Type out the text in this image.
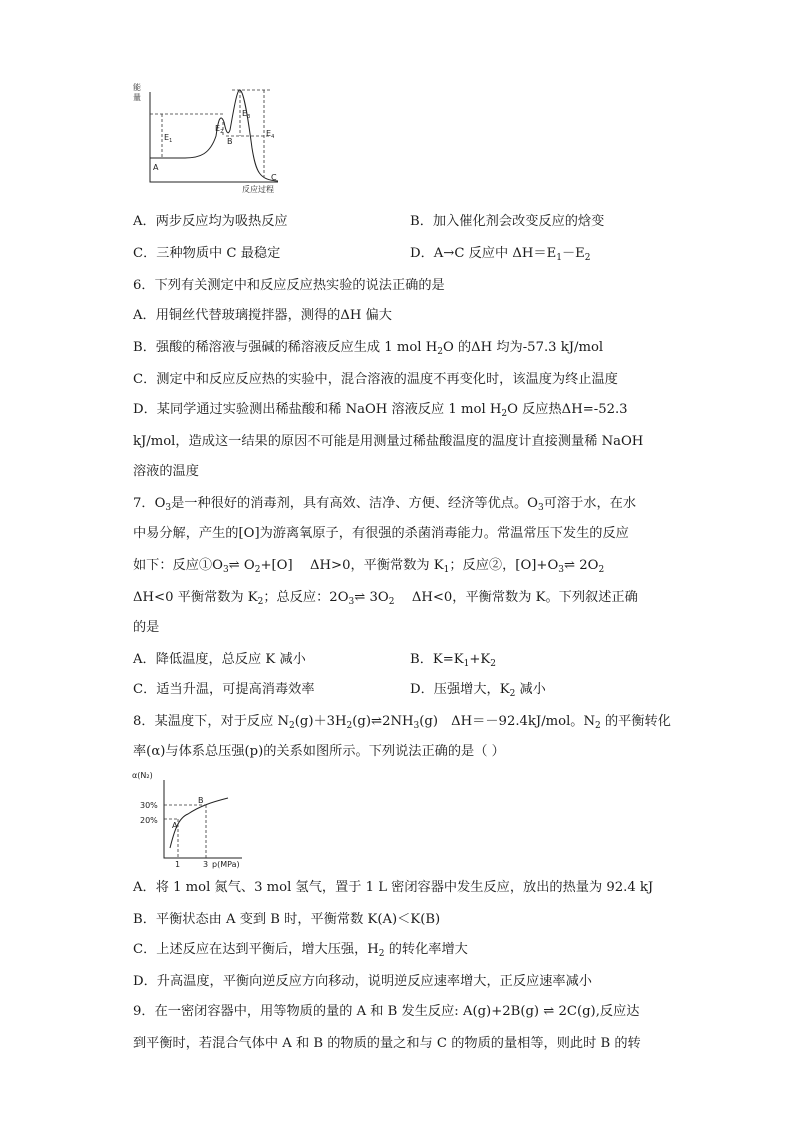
能
量
A
B
C
$E_1$
$E_2$
$E_3$
$E_4$
反应过程
A．两步反应均为吸热反应	B．加入催化剂会改变反应的焓变
C．三种物质中 C 最稳定	D．A→C 反应中 $\Delta H=E_1-E_2$
6．下列有关测定中和反应反应热实验的说法正确的是
A．用铜丝代替玻璃搅拌器，测得的ΔH 偏大
B．强酸的稀溶液与强碱的稀溶液反应生成 1 mol $H_2O$ 的ΔH 均为-57.3 kJ/mol
C．测定中和反应反应热的实验中，混合溶液的温度不再变化时，该温度为终止温度
D．某同学通过实验测出稀盐酸和稀 NaOH 溶液反应 1 mol $H_2O$ 反应热ΔH=-52.3
kJ/mol，造成这一结果的原因不可能是用测量过稀盐酸温度的温度计直接测量稀 NaOH
溶液的温度
7．$O_3$是一种很好的消毒剂，具有高效、洁净、方便、经济等优点。$O_3$可溶于水，在水
中易分解，产生的[O]为游离氧原子，有很强的杀菌消毒能力。常温常压下发生的反应
如下：反应$①O_3\rightleftharpoons$ $O_2+[O]$　 ΔH>0，平衡常数为 $K_1$；反应②，$[O]+O_3\rightleftharpoons$ $2O_2$
ΔH<0 平衡常数为 $K_2$；总反应：$2O_3\rightleftharpoons$ $3O_2$　 ΔH<0，平衡常数为 K。下列叙述正确
的是
A．降低温度，总反应 K 减小	B．$K=K_1+K_2$
C．适当升温，可提高消毒效率	D．压强增大，$K_2$ 减小
8．某温度下，对于反应 $N_2(g)+3H_2(g)\rightleftharpoons 2NH_3(g)$　ΔH＝－92.4kJ/mol。$N_2$ 的平衡转化
率(α)与体系总压强(p)的关系如图所示。下列说法正确的是（ ）
α(N₂)
30%
20%
1	3 p(MPa)
A
B
A．将 1 mol 氮气、3 mol 氢气，置于 1 L 密闭容器中发生反应，放出的热量为 92.4 kJ
B．平衡状态由 A 变到 B 时，平衡常数 K(A)＜K(B)
C．上述反应在达到平衡后，增大压强，$H_2$ 的转化率增大
D．升高温度，平衡向逆反应方向移动，说明逆反应速率增大，正反应速率减小
9．在一密闭容器中，用等物质的量的 A 和 B 发生反应: A(g)+2B(g) ⇌ 2C(g),反应达
到平衡时，若混合气体中 A 和 B 的物质的量之和与 C 的物质的量相等，则此时 B 的转
